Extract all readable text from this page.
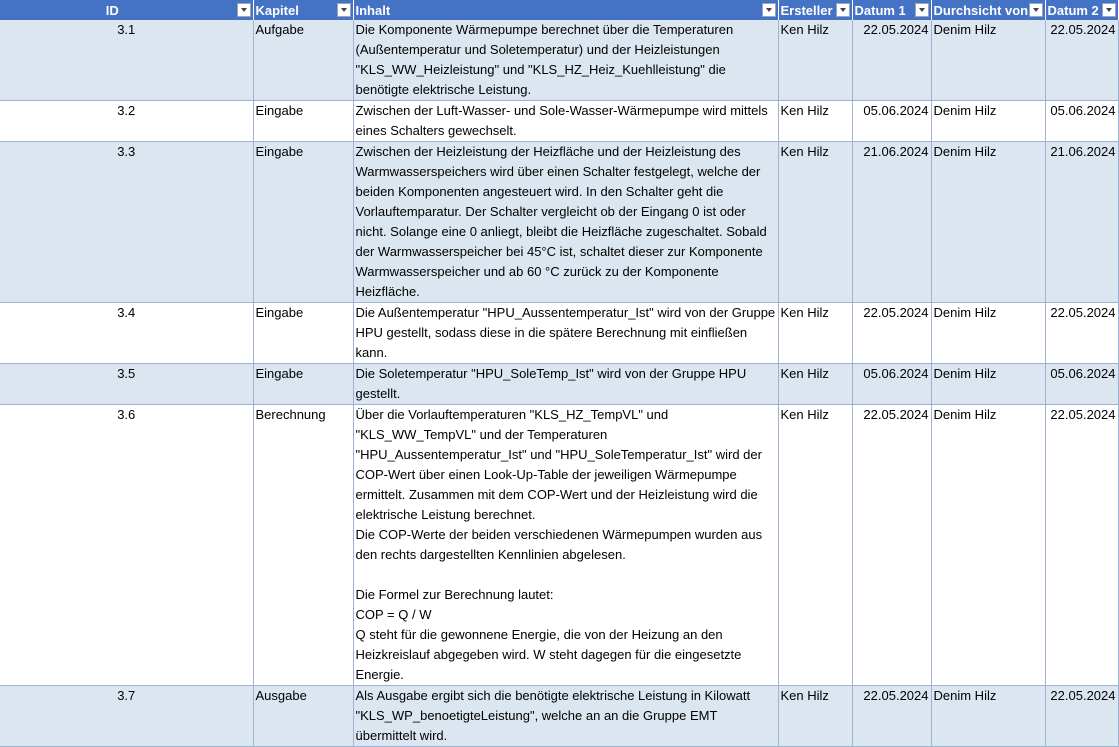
ID	Kapitel	Inhalt	Ersteller	Datum 1	Durchsicht von	Datum 2

3.1	Aufgabe	Die Komponente Wärmepumpe berechnet über die Temperaturen (Außentemperatur und Soletemperatur) und der Heizleistungen "KLS_WW_Heizleistung" und "KLS_HZ_Heiz_Kuehlleistung" die benötigte elektrische Leistung.	Ken Hilz	22.05.2024	Denim Hilz	22.05.2024
3.2	Eingabe	Zwischen der Luft-Wasser- und Sole-Wasser-Wärmepumpe wird mittels eines Schalters gewechselt.	Ken Hilz	05.06.2024	Denim Hilz	05.06.2024
3.3	Eingabe	Zwischen der Heizleistung der Heizfläche und der Heizleistung des Warmwasserspeichers wird über einen Schalter festgelegt, welche der beiden Komponenten angesteuert wird. In den Schalter geht die Vorlauftemparatur. Der Schalter vergleicht ob der Eingang 0 ist oder nicht. Solange eine 0 anliegt, bleibt die Heizfläche zugeschaltet. Sobald der Warmwasserspeicher bei 45°C ist, schaltet dieser zur Komponente Warmwasserspeicher und ab 60 °C zurück zu der Komponente Heizfläche.	Ken Hilz	21.06.2024	Denim Hilz	21.06.2024
3.4	Eingabe	Die Außentemperatur "HPU_Aussentemperatur_Ist" wird von der Gruppe HPU gestellt, sodass diese in die spätere Berechnung mit einfließen kann.	Ken Hilz	22.05.2024	Denim Hilz	22.05.2024
3.5	Eingabe	Die Soletemperatur "HPU_SoleTemp_Ist" wird von der Gruppe HPU gestellt.	Ken Hilz	05.06.2024	Denim Hilz	05.06.2024
3.6	Berechnung	Über die Vorlauftemperaturen "KLS_HZ_TempVL" und "KLS_WW_TempVL" und der Temperaturen "HPU_Aussentemperatur_Ist" und "HPU_SoleTemperatur_Ist" wird der COP-Wert über einen Look-Up-Table der jeweiligen Wärmepumpe ermittelt. Zusammen mit dem COP-Wert und der Heizleistung wird die elektrische Leistung berechnet.
Die COP-Werte der beiden verschiedenen Wärmepumpen wurden aus den rechts dargestellten Kennlinien abgelesen.

Die Formel zur Berechnung lautet:
COP = Q / W
Q steht für die gewonnene Energie, die von der Heizung an den Heizkreislauf abgegeben wird. W steht dagegen für die eingesetzte Energie.	Ken Hilz	22.05.2024	Denim Hilz	22.05.2024
3.7	Ausgabe	Als Ausgabe ergibt sich die benötigte elektrische Leistung in Kilowatt "KLS_WP_benoetigteLeistung", welche an an die Gruppe EMT übermittelt wird.	Ken Hilz	22.05.2024	Denim Hilz	22.05.2024
